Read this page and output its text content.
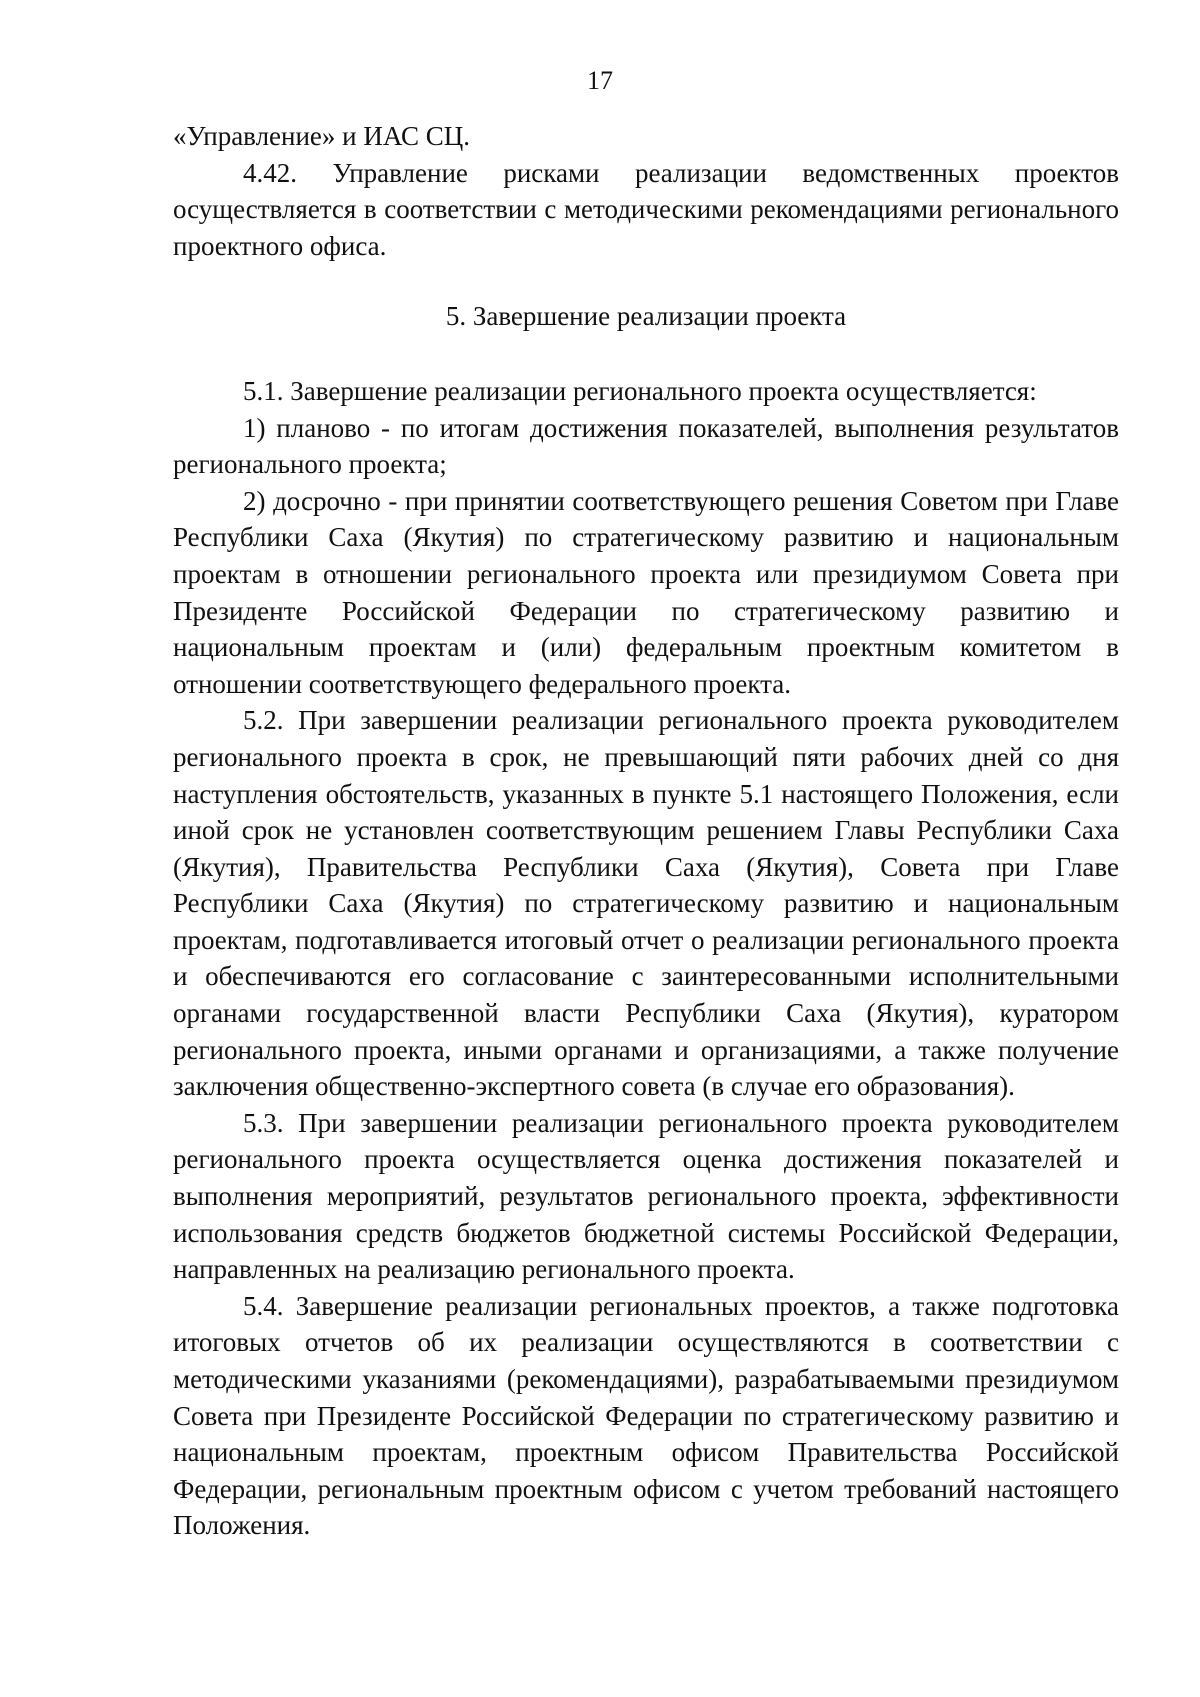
17

«Управление» и ИАС СЦ.

4.42. Управление рисками реализации ведомственных проектов осуществляется в соответствии с методическими рекомендациями регионального проектного офиса.

5. Завершение реализации проекта

5.1. Завершение реализации регионального проекта осуществляется:

1) планово - по итогам достижения показателей, выполнения результатов регионального проекта;

2) досрочно - при принятии соответствующего решения Советом при Главе Республики Саха (Якутия) по стратегическому развитию и национальным проектам в отношении регионального проекта или президиумом Совета при Президенте Российской Федерации по стратегическому развитию и национальным проектам и (или) федеральным проектным комитетом в отношении соответствующего федерального проекта.

5.2. При завершении реализации регионального проекта руководителем регионального проекта в срок, не превышающий пяти рабочих дней со дня наступления обстоятельств, указанных в пункте 5.1 настоящего Положения, если иной срок не установлен соответствующим решением Главы Республики Саха (Якутия), Правительства Республики Саха (Якутия), Совета при Главе Республики Саха (Якутия) по стратегическому развитию и национальным проектам, подготавливается итоговый отчет о реализации регионального проекта и обеспечиваются его согласование с заинтересованными исполнительными органами государственной власти Республики Саха (Якутия), куратором регионального проекта, иными органами и организациями, а также получение заключения общественно-экспертного совета (в случае его образования).

5.3. При завершении реализации регионального проекта руководителем регионального проекта осуществляется оценка достижения показателей и выполнения мероприятий, результатов регионального проекта, эффективности использования средств бюджетов бюджетной системы Российской Федерации, направленных на реализацию регионального проекта.

5.4. Завершение реализации региональных проектов, а также подготовка итоговых отчетов об их реализации осуществляются в соответствии с методическими указаниями (рекомендациями), разрабатываемыми президиумом Совета при Президенте Российской Федерации по стратегическому развитию и национальным проектам, проектным офисом Правительства Российской Федерации, региональным проектным офисом с учетом требований настоящего Положения.
